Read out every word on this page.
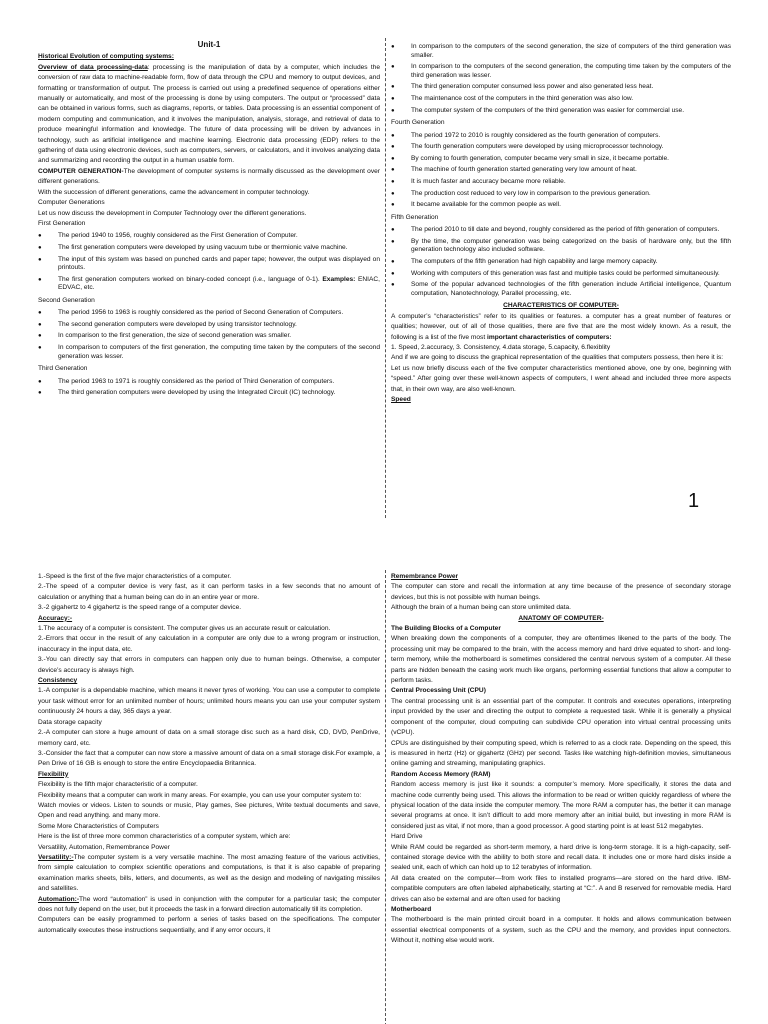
Unit-1

Historical Evolution of computing systems:

Overview of data processing-data: processing is the manipulation of data by a computer, which includes the conversion of raw data to machine-readable form, flow of data through the CPU and memory to output devices, and formatting or transformation of output. The process is carried out using a predefined sequence of operations either manually or automatically, and most of the processing is done by using computers. The output or “processed” data can be obtained in various forms, such as diagrams, reports, or tables. Data processing is an essential component of modern computing and communication, and it involves the manipulation, analysis, storage, and retrieval of data to produce meaningful information and knowledge. The future of data processing will be driven by advances in technology, such as artificial intelligence and machine learning. Electronic data processing (EDP) refers to the gathering of data using electronic devices, such as computers, servers, or calculators, and it involves analyzing data and summarizing and recording the output in a human usable form.

COMPUTER GENERATION-The development of computer systems is normally discussed as the development over different generations.

With the succession of different generations, came the advancement in computer technology.

Computer Generations

Let us now discuss the development in Computer Technology over the different generations.

First Generation

● The period 1940 to 1956, roughly considered as the First Generation of Computer.

● The first generation computers were developed by using vacuum tube or thermionic valve machine.

● The input of this system was based on punched cards and paper tape; however, the output was displayed on printouts.

● The first generation computers worked on binary-coded concept (i.e., language of 0-1). Examples: ENIAC, EDVAC, etc.

Second Generation

● The period 1956 to 1963 is roughly considered as the period of Second Generation of Computers.

● The second generation computers were developed by using transistor technology.

● In comparison to the first generation, the size of second generation was smaller.

● In comparison to computers of the first generation, the computing time taken by the computers of the second generation was lesser.

Third Generation

● The period 1963 to 1971 is roughly considered as the period of Third Generation of computers.

● The third generation computers were developed by using the Integrated Circuit (IC) technology.

● In comparison to the computers of the second generation, the size of computers of the third generation was smaller.

● In comparison to the computers of the second generation, the computing time taken by the computers of the third generation was lesser.

● The third generation computer consumed less power and also generated less heat.

● The maintenance cost of the computers in the third generation was also low.

● The computer system of the computers of the third generation was easier for commercial use.

Fourth Generation

● The period 1972 to 2010 is roughly considered as the fourth generation of computers.

● The fourth generation computers were developed by using microprocessor technology.

● By coming to fourth generation, computer became very small in size, it became portable.

● The machine of fourth generation started generating very low amount of heat.

● It is much faster and accuracy became more reliable.

● The production cost reduced to very low in comparison to the previous generation.

● It became available for the common people as well.

Fifth Generation

● The period 2010 to till date and beyond, roughly considered as the period of fifth generation of computers.

● By the time, the computer generation was being categorized on the basis of hardware only, but the fifth generation technology also included software.

● The computers of the fifth generation had high capability and large memory capacity.

● Working with computers of this generation was fast and multiple tasks could be performed simultaneously.

● Some of the popular advanced technologies of the fifth generation include Artificial intelligence, Quantum computation, Nanotechnology, Parallel processing, etc.

CHARACTERISTICS OF COMPUTER-

A computer’s “characteristics” refer to its qualities or features. a computer has a great number of features or qualities; however, out of all of those qualities, there are five that are the most widely known. As a result, the following is a list of the five most important characteristics of computers:

1. Speed, 2.accuracy, 3. Consistency, 4.data storage, 5.capacity, 6.flexiblity

And if we are going to discuss the graphical representation of the qualities that computers possess, then here it is:

Let us now briefly discuss each of the five computer characteristics mentioned above, one by one, beginning with “speed.” After going over these well-known aspects of computers, I went ahead and included three more aspects that, in their own way, are also well-known.

Speed

1

1.-Speed is the first of the five major characteristics of a computer.

2.-The speed of a computer device is very fast, as it can perform tasks in a few seconds that no amount of calculation or anything that a human being can do in an entire year or more.

3.-2 gigahertz to 4 gigahertz is the speed range of a computer device.

Accuracy:-

1.The accuracy of a computer is consistent. The computer gives us an accurate result or calculation.

2.-Errors that occur in the result of any calculation in a computer are only due to a wrong program or instruction, inaccuracy in the input data, etc.

3.-You can directly say that errors in computers can happen only due to human beings. Otherwise, a computer device’s accuracy is always high.

Consistency

1.-A computer is a dependable machine, which means it never tyres of working. You can use a computer to complete your task without error for an unlimited number of hours; unlimited hours means you can use your computer system continuously 24 hours a day, 365 days a year.

Data storage capacity

2.-A computer can store a huge amount of data on a small storage disc such as a hard disk, CD, DVD, PenDrive, memory card, etc.

3.-Consider the fact that a computer can now store a massive amount of data on a small storage disk.For example, a Pen Drive of 16 GB is enough to store the entire Encyclopaedia Britannica.

Flexibility

Flexibility is the fifth major characteristic of a computer.

Flexibility means that a computer can work in many areas. For example, you can use your computer system to:

Watch movies or videos. Listen to sounds or music, Play games, See pictures, Write textual documents and save, Open and read anything. and many more.

Some More Characteristics of Computers

Here is the list of three more common characteristics of a computer system, which are:

Versatility, Automation, Remembrance Power

Versatility:-The computer system is a very versatile machine. The most amazing feature of the various activities, from simple calculation to complex scientific operations and computations, is that it is also capable of preparing examination marks sheets, bills, letters, and documents, as well as the design and modeling of navigating missiles and satellites.

Automation:-The word “automation” is used in conjunction with the computer for a particular task; the computer does not fully depend on the user, but it proceeds the task in a forward direction automatically till its completion.

Computers can be easily programmed to perform a series of tasks based on the specifications. The computer automatically executes these instructions sequentially, and if any error occurs, it

Remembrance Power

The computer can store and recall the information at any time because of the presence of secondary storage devices, but this is not possible with human beings.

Although the brain of a human being can store unlimited data.

ANATOMY OF COMPUTER-

The Building Blocks of a Computer

When breaking down the components of a computer, they are oftentimes likened to the parts of the body. The processing unit may be compared to the brain, with the access memory and hard drive equated to short- and long-term memory, while the motherboard is sometimes considered the central nervous system of a computer. All these parts are hidden beneath the casing work much like organs, performing essential functions that allow a computer to perform tasks.

Central Processing Unit (CPU)

The central processing unit is an essential part of the computer. It controls and executes operations, interpreting input provided by the user and directing the output to complete a requested task. While it is generally a physical component of the computer, cloud computing can subdivide CPU operation into virtual central processing units (vCPU).

CPUs are distinguished by their computing speed, which is referred to as a clock rate. Depending on the speed, this is measured in hertz (Hz) or gigahertz (GHz) per second. Tasks like watching high-definition movies, simultaneous online gaming and streaming, manipulating graphics.

Random Access Memory (RAM)

Random access memory is just like it sounds: a computer’s memory. More specifically, it stores the data and machine code currently being used. This allows the information to be read or written quickly regardless of where the physical location of the data inside the computer memory. The more RAM a computer has, the better it can manage several programs at once. It isn’t difficult to add more memory after an initial build, but investing in more RAM is considered just as vital, if not more, than a good processor. A good starting point is at least 512 megabytes.

Hard Drive

While RAM could be regarded as short-term memory, a hard drive is long-term storage. It is a high-capacity, self-contained storage device with the ability to both store and recall data. It includes one or more hard disks inside a sealed unit, each of which can hold up to 12 terabytes of information.

All data created on the computer—from work files to installed programs—are stored on the hard drive. IBM-compatible computers are often labeled alphabetically, starting at “C:”. A and B reserved for removable media. Hard drives can also be external and are often used for backing

Motherboard

The motherboard is the main printed circuit board in a computer. It holds and allows communication between essential electrical components of a system, such as the CPU and the memory, and provides input connectors. Without it, nothing else would work.
